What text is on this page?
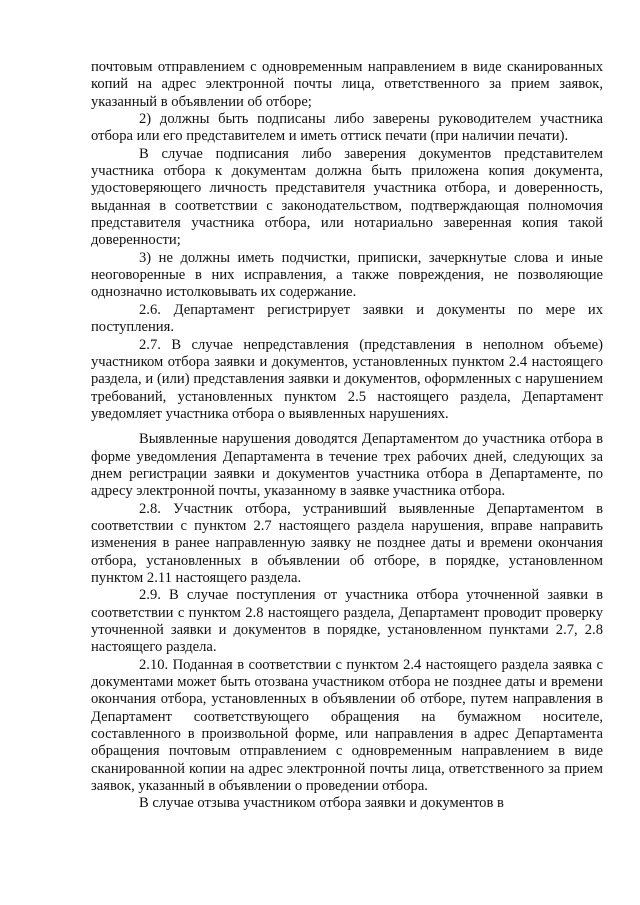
почтовым отправлением с одновременным направлением в виде сканированных копий на адрес электронной почты лица, ответственного за прием заявок, указанный в объявлении об отборе;

2) должны быть подписаны либо заверены руководителем участника отбора или его представителем и иметь оттиск печати (при наличии печати).

В случае подписания либо заверения документов представителем участника отбора к документам должна быть приложена копия документа, удостоверяющего личность представителя участника отбора, и доверенность, выданная в соответствии с законодательством, подтверждающая полномочия представителя участника отбора, или нотариально заверенная копия такой доверенности;

3) не должны иметь подчистки, приписки, зачеркнутые слова и иные неоговоренные в них исправления, а также повреждения, не позволяющие однозначно истолковывать их содержание.

2.6. Департамент регистрирует заявки и документы по мере их поступления.

2.7. В случае непредставления (представления в неполном объеме) участником отбора заявки и документов, установленных пунктом 2.4 настоящего раздела, и (или) представления заявки и документов, оформленных с нарушением требований, установленных пунктом 2.5 настоящего раздела, Департамент уведомляет участника отбора о выявленных нарушениях.

Выявленные нарушения доводятся Департаментом до участника отбора в форме уведомления Департамента в течение трех рабочих дней, следующих за днем регистрации заявки и документов участника отбора в Департаменте, по адресу электронной почты, указанному в заявке участника отбора.

2.8. Участник отбора, устранивший выявленные Департаментом в соответствии с пунктом 2.7 настоящего раздела нарушения, вправе направить изменения в ранее направленную заявку не позднее даты и времени окончания отбора, установленных в объявлении об отборе, в порядке, установленном пунктом 2.11 настоящего раздела.

2.9. В случае поступления от участника отбора уточненной заявки в соответствии с пунктом 2.8 настоящего раздела, Департамент проводит проверку уточненной заявки и документов в порядке, установленном пунктами 2.7, 2.8 настоящего раздела.

2.10. Поданная в соответствии с пунктом 2.4 настоящего раздела заявка с документами может быть отозвана участником отбора не позднее даты и времени окончания отбора, установленных в объявлении об отборе, путем направления в Департамент соответствующего обращения на бумажном носителе, составленного в произвольной форме, или направления в адрес Департамента обращения почтовым отправлением с одновременным направлением в виде сканированной копии на адрес электронной почты лица, ответственного за прием заявок, указанный в объявлении о проведении отбора.

В случае отзыва участником отбора заявки и документов в
